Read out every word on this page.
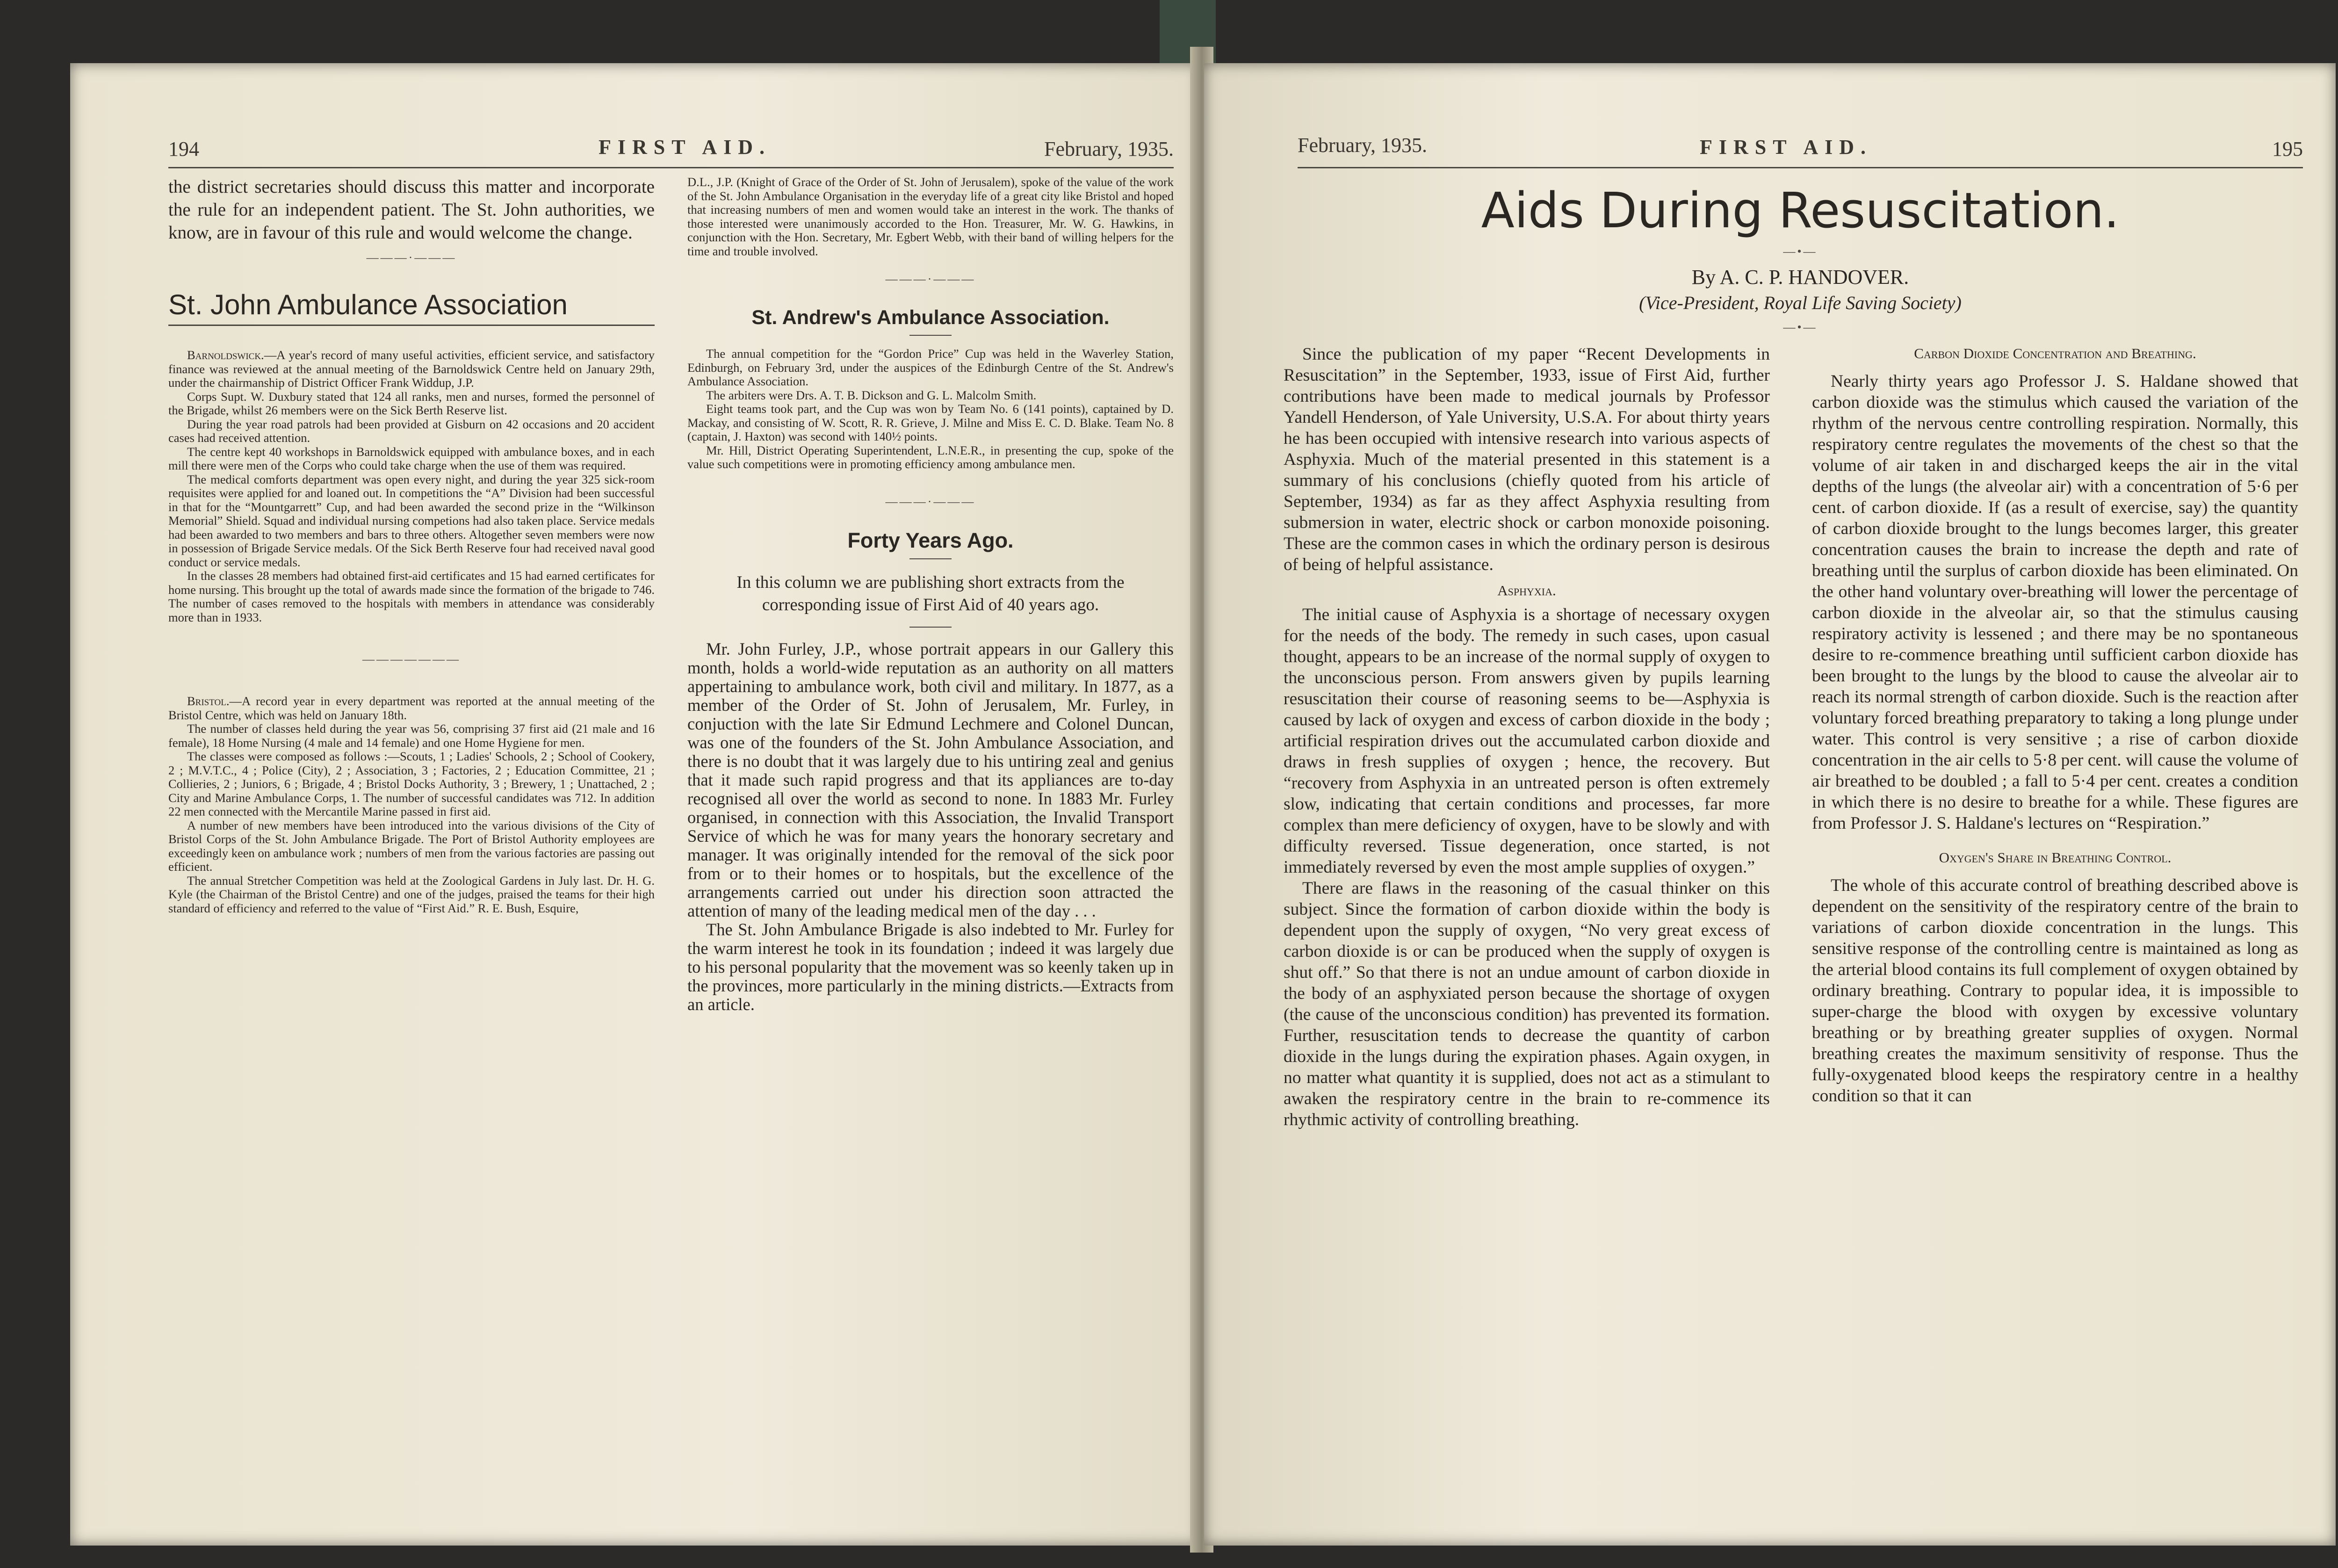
194	FIRST AID.	February, 1935.

the district secretaries should discuss this matter and incorporate the rule for an independent patient. The St. John authorities, we know, are in favour of this rule and would welcome the change.

———·———
St. John Ambulance Association

Barnoldswick.—A year's record of many useful activities, efficient service, and satisfactory finance was reviewed at the annual meeting of the Barnoldswick Centre held on January 29th, under the chairmanship of District Officer Frank Widdup, J.P.

Corps Supt. W. Duxbury stated that 124 all ranks, men and nurses, formed the personnel of the Brigade, whilst 26 members were on the Sick Berth Reserve list.

During the year road patrols had been provided at Gisburn on 42 occasions and 20 accident cases had received attention.

The centre kept 40 workshops in Barnoldswick equipped with ambulance boxes, and in each mill there were men of the Corps who could take charge when the use of them was required.

The medical comforts department was open every night, and during the year 325 sick-room requisites were applied for and loaned out. In competitions the “A” Division had been successful in that for the “Mountgarrett” Cup, and had been awarded the second prize in the “Wilkinson Memorial” Shield. Squad and individual nursing competions had also taken place. Service medals had been awarded to two members and bars to three others. Altogether seven members were now in possession of Brigade Service medals. Of the Sick Berth Reserve four had received naval good conduct or service medals.

In the classes 28 members had obtained first-aid certificates and 15 had earned certificates for home nursing. This brought up the total of awards made since the formation of the brigade to 746. The number of cases removed to the hospitals with members in attendance was considerably more than in 1933.

———————

Bristol.—A record year in every department was reported at the annual meeting of the Bristol Centre, which was held on January 18th.

The number of classes held during the year was 56, comprising 37 first aid (21 male and 16 female), 18 Home Nursing (4 male and 14 female) and one Home Hygiene for men.

The classes were composed as follows :—Scouts, 1 ; Ladies' Schools, 2 ; School of Cookery, 2 ; M.V.T.C., 4 ; Police (City), 2 ; Association, 3 ; Factories, 2 ; Education Committee, 21 ; Collieries, 2 ; Juniors, 6 ; Brigade, 4 ; Bristol Docks Authority, 3 ; Brewery, 1 ; Unattached, 2 ; City and Marine Ambulance Corps, 1. The number of successful candidates was 712. In addition 22 men connected with the Mercantile Marine passed in first aid.

A number of new members have been introduced into the various divisions of the City of Bristol Corps of the St. John Ambulance Brigade. The Port of Bristol Authority employees are exceedingly keen on ambulance work ; numbers of men from the various factories are passing out efficient.

The annual Stretcher Competition was held at the Zoological Gardens in July last. Dr. H. G. Kyle (the Chairman of the Bristol Centre) and one of the judges, praised the teams for their high standard of efficiency and referred to the value of “First Aid.” R. E. Bush, Esquire,

D.L., J.P. (Knight of Grace of the Order of St. John of Jerusalem), spoke of the value of the work of the St. John Ambulance Organisation in the everyday life of a great city like Bristol and hoped that increasing numbers of men and women would take an interest in the work. The thanks of those interested were unanimously accorded to the Hon. Treasurer, Mr. W. G. Hawkins, in conjunction with the Hon. Secretary, Mr. Egbert Webb, with their band of willing helpers for the time and trouble involved.

———·———
St. Andrew's Ambulance Association.

The annual competition for the “Gordon Price” Cup was held in the Waverley Station, Edinburgh, on February 3rd, under the auspices of the Edinburgh Centre of the St. Andrew's Ambulance Association.

The arbiters were Drs. A. T. B. Dickson and G. L. Malcolm Smith.

Eight teams took part, and the Cup was won by Team No. 6 (141 points), captained by D. Mackay, and consisting of W. Scott, R. R. Grieve, J. Milne and Miss E. C. D. Blake. Team No. 8 (captain, J. Haxton) was second with 140½ points.

Mr. Hill, District Operating Superintendent, L.N.E.R., in presenting the cup, spoke of the value such competitions were in promoting efficiency among ambulance men.

———·———
Forty Years Ago.

In this column we are publishing short extracts from the corresponding issue of First Aid of 40 years ago.

Mr. John Furley, J.P., whose portrait appears in our Gallery this month, holds a world-wide reputation as an authority on all matters appertaining to ambulance work, both civil and military. In 1877, as a member of the Order of St. John of Jerusalem, Mr. Furley, in conjuction with the late Sir Edmund Lechmere and Colonel Duncan, was one of the founders of the St. John Ambulance Association, and there is no doubt that it was largely due to his untiring zeal and genius that it made such rapid progress and that its appliances are to-day recognised all over the world as second to none. In 1883 Mr. Furley organised, in connection with this Association, the Invalid Transport Service of which he was for many years the honorary secretary and manager. It was originally intended for the removal of the sick poor from or to their homes or to hospitals, but the excellence of the arrangements carried out under his direction soon attracted the attention of many of the leading medical men of the day . . .

The St. John Ambulance Brigade is also indebted to Mr. Furley for the warm interest he took in its foundation ; indeed it was largely due to his personal popularity that the movement was so keenly taken up in the provinces, more particularly in the mining districts.—Extracts from an article.

February, 1935.	FIRST AID.	195
Aids During Resuscitation.
—•—
By A. C. P. HANDOVER.
(Vice-President, Royal Life Saving Society)
—•—

Since the publication of my paper “Recent Developments in Resuscitation” in the September, 1933, issue of First Aid, further contributions have been made to medical journals by Professor Yandell Henderson, of Yale University, U.S.A. For about thirty years he has been occupied with intensive research into various aspects of Asphyxia. Much of the material presented in this statement is a summary of his conclusions (chiefly quoted from his article of September, 1934) as far as they affect Asphyxia resulting from submersion in water, electric shock or carbon monoxide poisoning. These are the common cases in which the ordinary person is desirous of being of helpful assistance.

Asphyxia.

The initial cause of Asphyxia is a shortage of necessary oxygen for the needs of the body. The remedy in such cases, upon casual thought, appears to be an increase of the normal supply of oxygen to the unconscious person. From answers given by pupils learning resuscitation their course of reasoning seems to be—Asphyxia is caused by lack of oxygen and excess of carbon dioxide in the body ; artificial respiration drives out the accumulated carbon dioxide and draws in fresh supplies of oxygen ; hence, the recovery. But “recovery from Asphyxia in an untreated person is often extremely slow, indicating that certain conditions and processes, far more complex than mere deficiency of oxygen, have to be slowly and with difficulty reversed. Tissue degeneration, once started, is not immediately reversed by even the most ample supplies of oxygen.”

There are flaws in the reasoning of the casual thinker on this subject. Since the formation of carbon dioxide within the body is dependent upon the supply of oxygen, “No very great excess of carbon dioxide is or can be produced when the supply of oxygen is shut off.” So that there is not an undue amount of carbon dioxide in the body of an asphyxiated person because the shortage of oxygen (the cause of the unconscious condition) has prevented its formation. Further, resuscitation tends to decrease the quantity of carbon dioxide in the lungs during the expiration phases. Again oxygen, in no matter what quantity it is supplied, does not act as a stimulant to awaken the respiratory centre in the brain to re-commence its rhythmic activity of controlling breathing.

Carbon Dioxide Concentration and Breathing.

Nearly thirty years ago Professor J. S. Haldane showed that carbon dioxide was the stimulus which caused the variation of the rhythm of the nervous centre controlling respiration. Normally, this respiratory centre regulates the movements of the chest so that the volume of air taken in and discharged keeps the air in the vital depths of the lungs (the alveolar air) with a concentration of 5·6 per cent. of carbon dioxide. If (as a result of exercise, say) the quantity of carbon dioxide brought to the lungs becomes larger, this greater concentration causes the brain to increase the depth and rate of breathing until the surplus of carbon dioxide has been eliminated. On the other hand voluntary over-breathing will lower the percentage of carbon dioxide in the alveolar air, so that the stimulus causing respiratory activity is lessened ; and there may be no spontaneous desire to re-commence breathing until sufficient carbon dioxide has been brought to the lungs by the blood to cause the alveolar air to reach its normal strength of carbon dioxide. Such is the reaction after voluntary forced breathing preparatory to taking a long plunge under water. This control is very sensitive ; a rise of carbon dioxide concentration in the air cells to 5·8 per cent. will cause the volume of air breathed to be doubled ; a fall to 5·4 per cent. creates a condition in which there is no desire to breathe for a while. These figures are from Professor J. S. Haldane's lectures on “Respiration.”

Oxygen's Share in Breathing Control.

The whole of this accurate control of breathing described above is dependent on the sensitivity of the respiratory centre of the brain to variations of carbon dioxide concentration in the lungs. This sensitive response of the controlling centre is maintained as long as the arterial blood contains its full complement of oxygen obtained by ordinary breathing. Contrary to popular idea, it is impossible to super-charge the blood with oxygen by excessive voluntary breathing or by breathing greater supplies of oxygen. Normal breathing creates the maximum sensitivity of response. Thus the fully-oxygenated blood keeps the respiratory centre in a healthy condition so that it can
